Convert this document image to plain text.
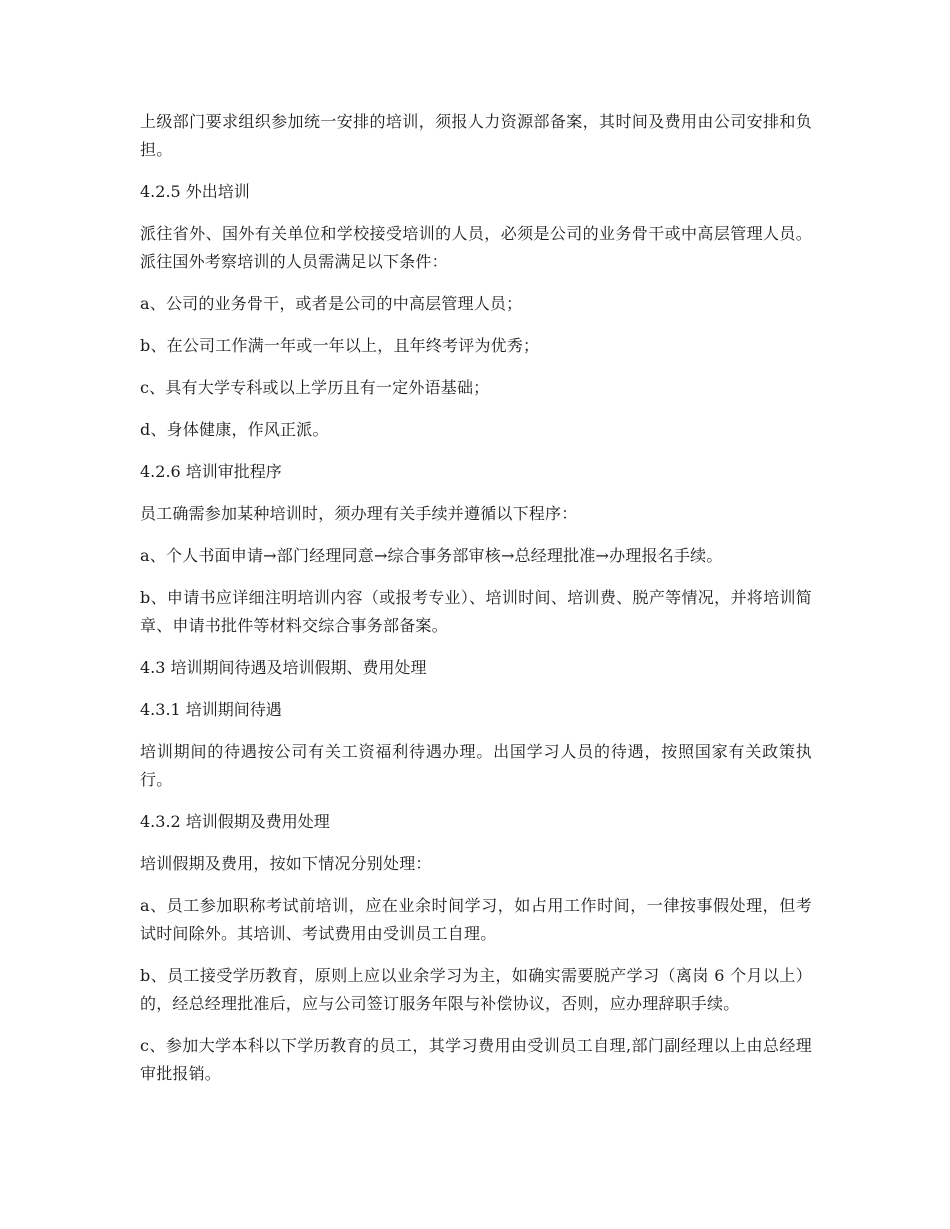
上级部门要求组织参加统一安排的培训，须报人力资源部备案，其时间及费用由公司安排和负担。

4.2.5 外出培训

派往省外、国外有关单位和学校接受培训的人员，必须是公司的业务骨干或中高层管理人员。派往国外考察培训的人员需满足以下条件：

a、公司的业务骨干，或者是公司的中高层管理人员；

b、在公司工作满一年或一年以上，且年终考评为优秀；

c、具有大学专科或以上学历且有一定外语基础；

d、身体健康，作风正派。

4.2.6 培训审批程序

员工确需参加某种培训时，须办理有关手续并遵循以下程序：

a、个人书面申请→部门经理同意→综合事务部审核→总经理批准→办理报名手续。

b、申请书应详细注明培训内容（或报考专业）、培训时间、培训费、脱产等情况，并将培训简章、申请书批件等材料交综合事务部备案。

4.3 培训期间待遇及培训假期、费用处理

4.3.1 培训期间待遇

培训期间的待遇按公司有关工资福利待遇办理。出国学习人员的待遇，按照国家有关政策执行。

4.3.2 培训假期及费用处理

培训假期及费用，按如下情况分别处理：

a、员工参加职称考试前培训，应在业余时间学习，如占用工作时间，一律按事假处理，但考试时间除外。其培训、考试费用由受训员工自理。

b、员工接受学历教育，原则上应以业余学习为主，如确实需要脱产学习（离岗 6 个月以上）的，经总经理批准后，应与公司签订服务年限与补偿协议，否则，应办理辞职手续。

c、参加大学本科以下学历教育的员工，其学习费用由受训员工自理,部门副经理以上由总经理审批报销。
